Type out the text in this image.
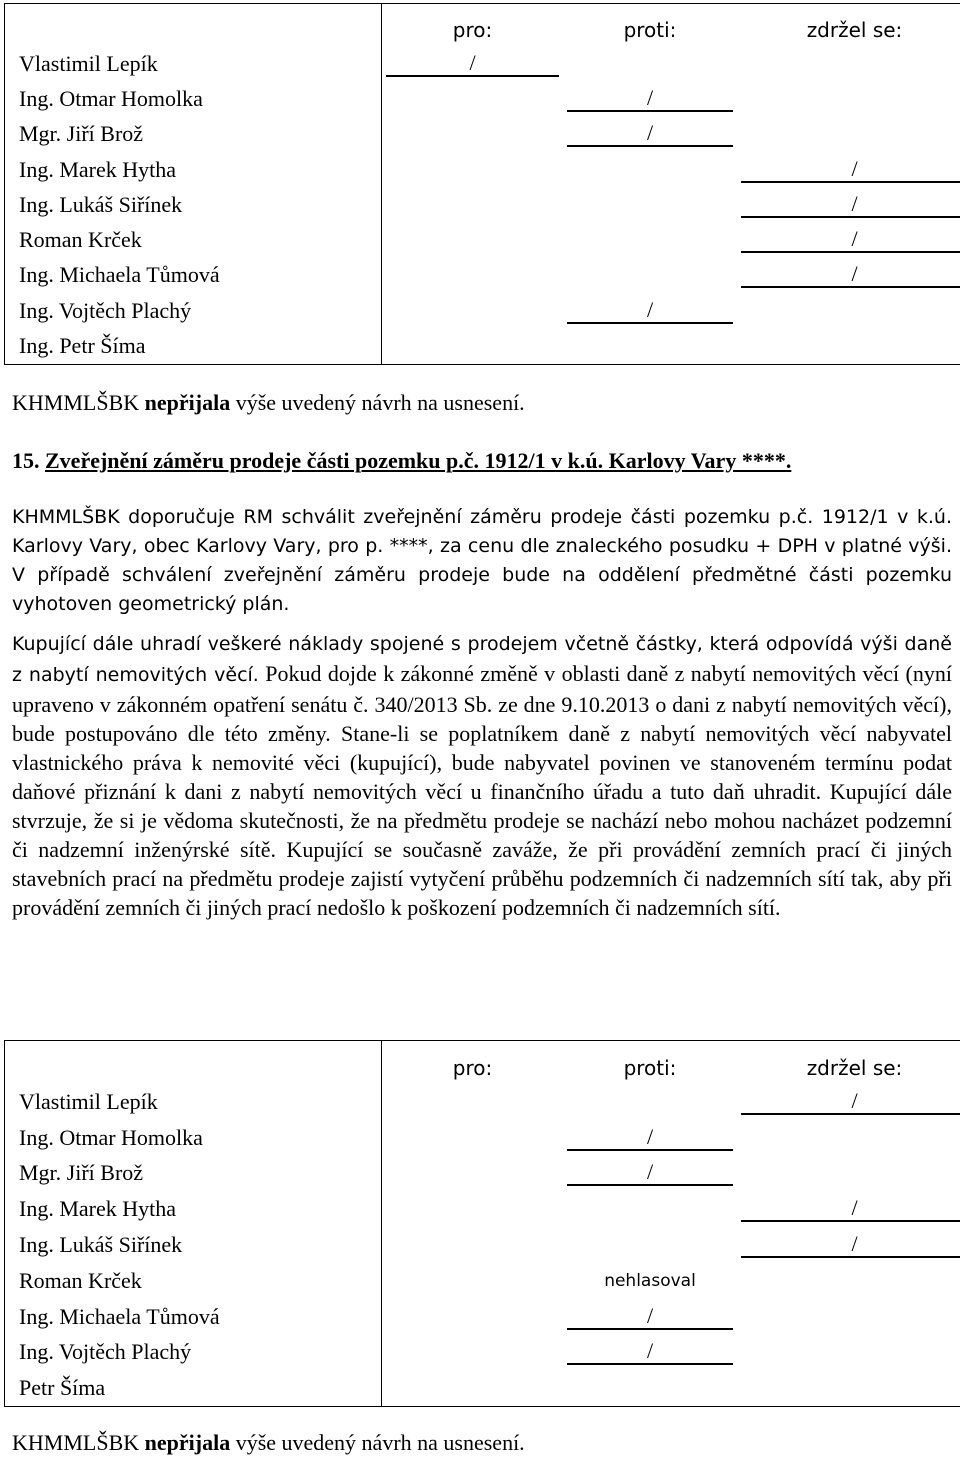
	pro:	proti:	zdržel se:
Vlastimil Lepík	/		

Ing. Otmar Homolka		/	

Mgr. Jiří Brož		/	

Ing. Marek Hytha			/

Ing. Lukáš Siřínek			/

Roman Krček			/

Ing. Michaela Tůmová			/

Ing. Vojtěch Plachý		/	

Ing. Petr Šíma			

KHMMLŠBK nepřijala výše uvedený návrh na usnesení.

15. Zveřejnění záměru prodeje části pozemku p.č. 1912/1 v k.ú. Karlovy Vary ****.

KHMMLŠBK doporučuje RM schválit zveřejnění záměru prodeje části pozemku p.č. 1912/1 v k.ú. Karlovy Vary, obec Karlovy Vary, pro p. ****, za cenu dle znaleckého posudku + DPH v platné výši. V případě schválení zveřejnění záměru prodeje bude na oddělení předmětné části pozemku vyhotoven geometrický plán.

Kupující dále uhradí veškeré náklady spojené s prodejem včetně částky, která odpovídá výši daně z nabytí nemovitých věcí. Pokud dojde k zákonné změně v oblasti daně z nabytí nemovitých věcí (nyní upraveno v zákonném opatření senátu č. 340/2013 Sb. ze dne 9.10.2013 o dani z nabytí nemovitých věcí), bude postupováno dle této změny. Stane-li se poplatníkem daně z nabytí nemovitých věcí nabyvatel vlastnického práva k nemovité věci (kupující), bude nabyvatel povinen ve stanoveném termínu podat daňové přiznání k dani z nabytí nemovitých věcí u finančního úřadu a tuto daň uhradit. Kupující dále stvrzuje, že si je vědoma skutečnosti, že na předmětu prodeje se nachází nebo mohou nacházet podzemní či nadzemní inženýrské sítě. Kupující se současně zaváže, že při provádění zemních prací či jiných stavebních prací na předmětu prodeje zajistí vytyčení průběhu podzemních či nadzemních sítí tak, aby při provádění zemních či jiných prací nedošlo k poškození podzemních či nadzemních sítí.

	pro:	proti:	zdržel se:
Vlastimil Lepík			/

Ing. Otmar Homolka		/	

Mgr. Jiří Brož		/	

Ing. Marek Hytha			/

Ing. Lukáš Siřínek			/

Roman Krček		nehlasoval	

Ing. Michaela Tůmová		/	

Ing. Vojtěch Plachý		/	

Petr Šíma			

KHMMLŠBK nepřijala výše uvedený návrh na usnesení.
